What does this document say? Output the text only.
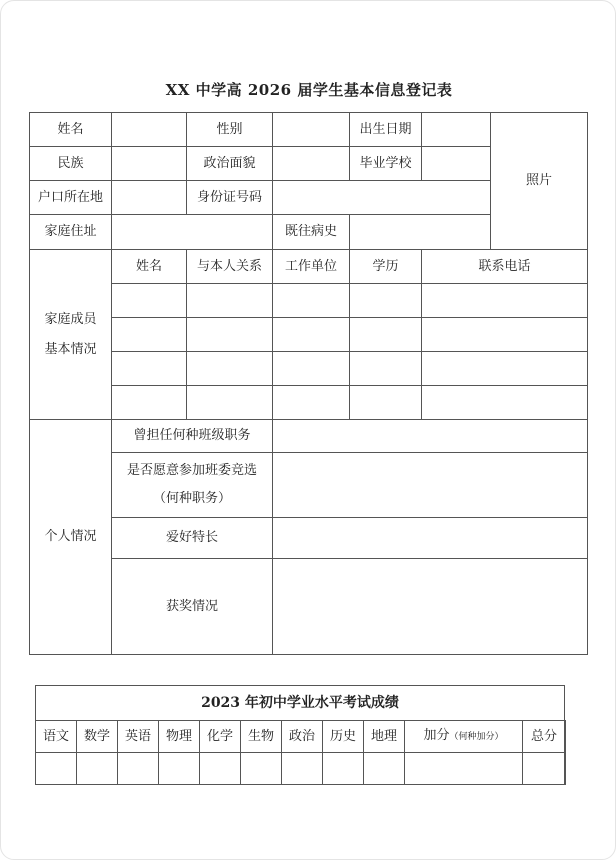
XX 中学高 2026 届学生基本信息登记表
姓名		性别		出生日期		照片
民族		政治面貌		毕业学校		
户口所在地		身份证号码				
家庭住址			既往病史			
家庭成员基本情况	姓名	与本人关系	工作单位	学历	联系电话	

个人情况	曾担任何种班级职务					

	是否愿意参加班委竞选
（何种职务）					

	爱好特长					
	获奖情况					
2023 年初中学业水平考试成绩
语文	数学	英语	物理	化学	生物	政治	历史	地理	加分（何种加分）	总分
